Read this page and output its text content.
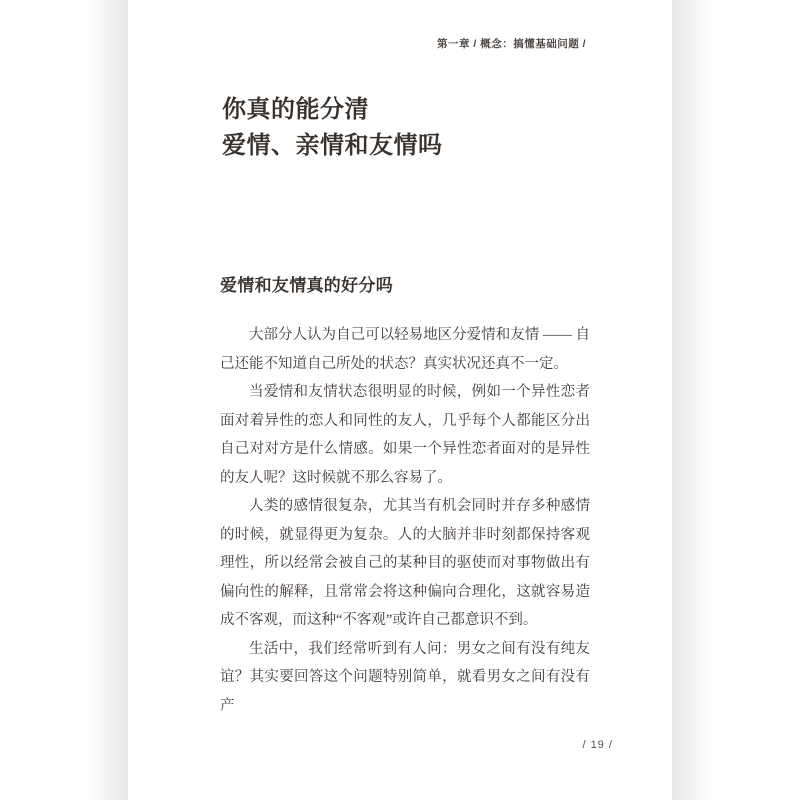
第一章 / 概念：搞懂基础问题 /
你真的能分清
爱情、亲情和友情吗
爱情和友情真的好分吗

大部分人认为自己可以轻易地区分爱情和友情 —— 自己还能不知道自己所处的状态？真实状况还真不一定。

当爱情和友情状态很明显的时候，例如一个异性恋者面对着异性的恋人和同性的友人，几乎每个人都能区分出自己对对方是什么情感。如果一个异性恋者面对的是异性的友人呢？这时候就不那么容易了。

人类的感情很复杂，尤其当有机会同时并存多种感情的时候，就显得更为复杂。人的大脑并非时刻都保持客观理性，所以经常会被自己的某种目的驱使而对事物做出有偏向性的解释，且常常会将这种偏向合理化，这就容易造成不客观，而这种“不客观”或许自己都意识不到。

生活中，我们经常听到有人问：男女之间有没有纯友谊？其实要回答这个问题特别简单，就看男女之间有没有产

/ 19 /
